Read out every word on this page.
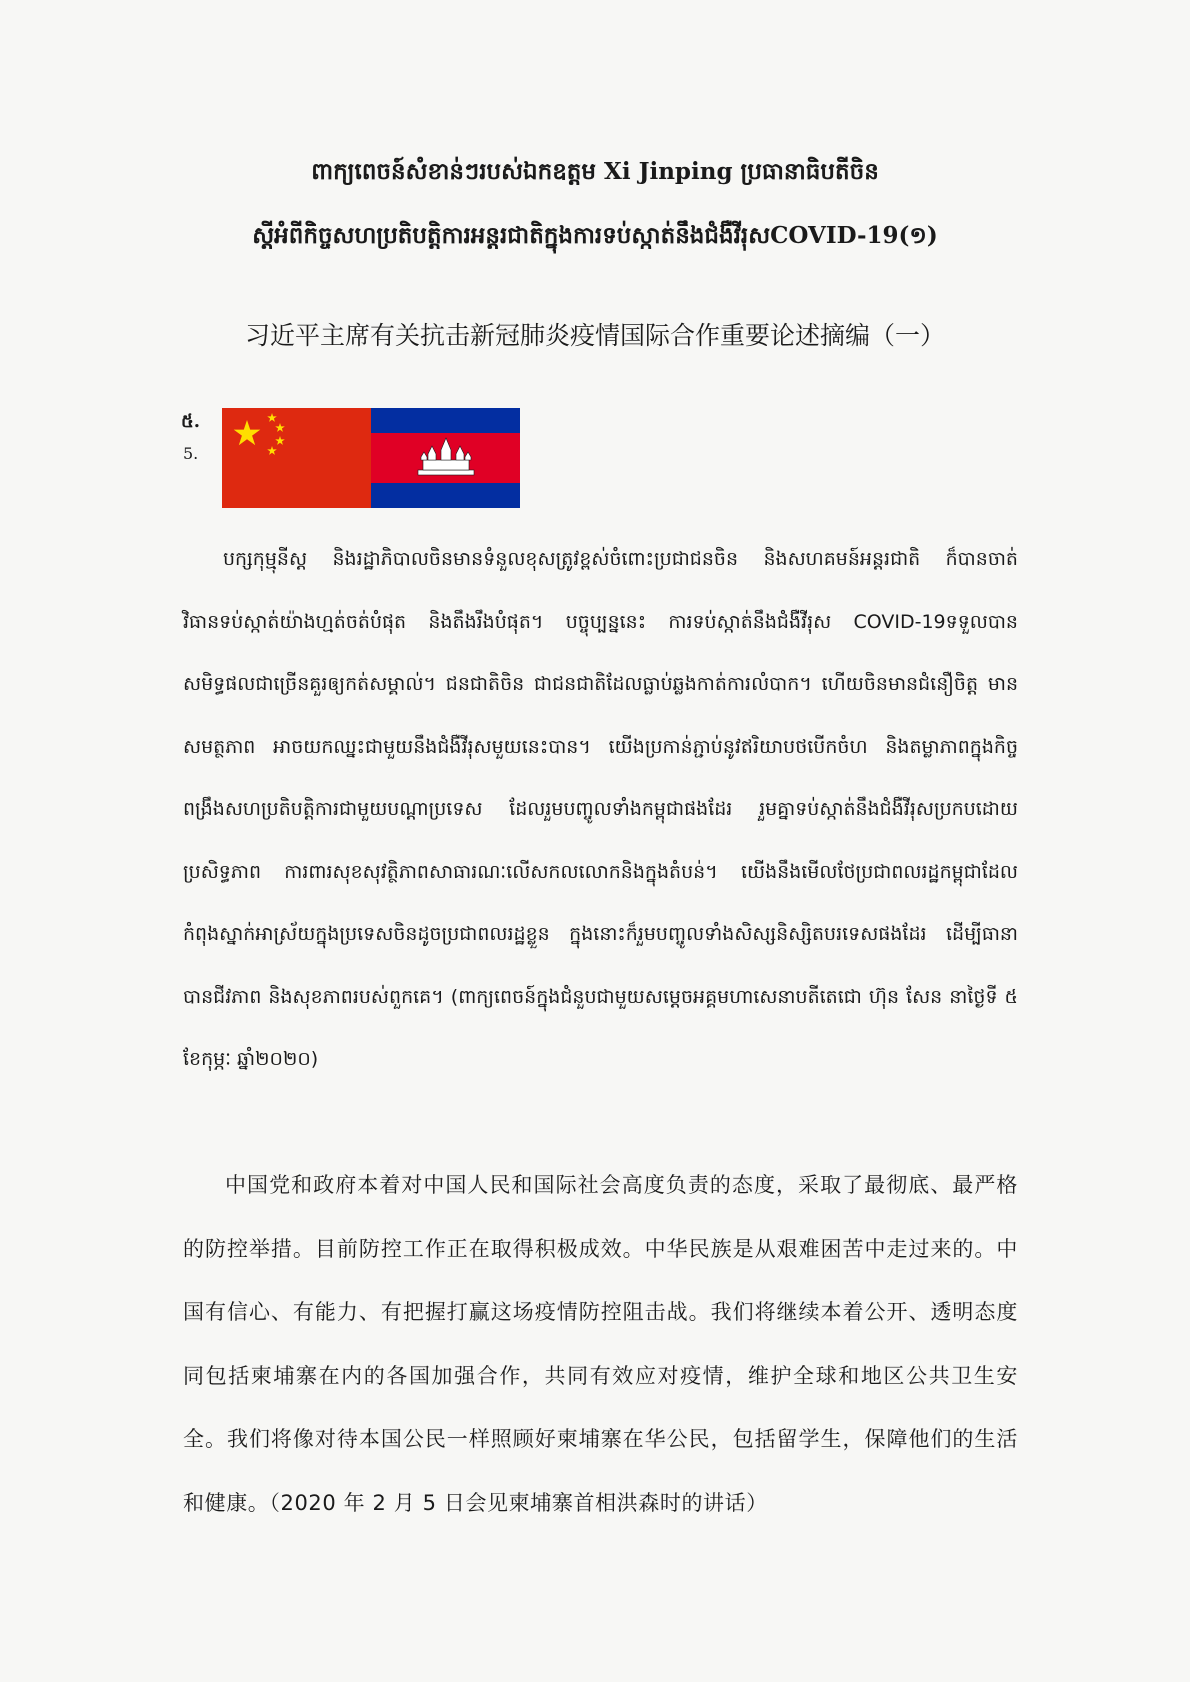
ពាក្យពេចន៍សំខាន់ៗរបស់ឯកឧត្តម Xi Jinping ប្រធានាធិបតីចិន
ស្តីអំពីកិច្ចសហប្រតិបត្តិការអន្តរជាតិក្នុងការទប់ស្កាត់នឹងជំងឺវីរុសCOVID-19(១)
习近平主席有关抗击新冠肺炎疫情国际合作重要论述摘编（一）
៥.
5.

បក្សកុម្មុនីស្ត និងរដ្ឋាភិបាលចិនមានទំនួលខុសត្រូវខ្ពស់ចំពោះប្រជាជនចិន និងសហគមន៍អន្តរជាតិ ក៏បានចាត់វិធានទប់ស្កាត់យ៉ាងហ្មត់ចត់បំផុត និងតឹងរឹងបំផុត។ បច្ចុប្បន្ននេះ ការទប់ស្កាត់នឹងជំងឺវីរុស COVID-19ទទួលបានសមិទ្ធផលជាច្រើនគួរឲ្យកត់សម្គាល់។ ជនជាតិចិន ជាជនជាតិដែលធ្លាប់ឆ្លងកាត់ការលំបាក។ ហើយចិនមានជំនឿចិត្ត មានសមត្ថភាព អាចយកឈ្នះជាមួយនឹងជំងឺវីរុសមួយនេះបាន។ យើងប្រកាន់ភ្ជាប់នូវឥរិយាបថបើកចំហ និងតម្លាភាពក្នុងកិច្ចពង្រឹងសហប្រតិបត្តិការជាមួយបណ្ដាប្រទេស ដែលរួមបញ្ចូលទាំងកម្ពុជាផងដែរ រួមគ្នាទប់ស្កាត់នឹងជំងឺវីរុសប្រកបដោយប្រសិទ្ធភាព ការពារសុខសុវត្ថិភាពសាធារណៈលើសកលលោកនិងក្នុងតំបន់។ យើងនឹងមើលថែប្រជាពលរដ្ឋកម្ពុជាដែលកំពុងស្នាក់អាស្រ័យក្នុងប្រទេសចិនដូចប្រជាពលរដ្ឋខ្លួន ក្នុងនោះក៏រួមបញ្ចូលទាំងសិស្សនិស្សិតបរទេសផងដែរ ដើម្បីធានាបានជីវភាព និងសុខភាពរបស់ពួកគេ។ (ពាក្យពេចន៍ក្នុងជំនួបជាមួយសម្ដេចអគ្គមហាសេនាបតីតេជោ ហ៊ុន សែន នាថ្ងៃទី ៥ ខែកុម្ភៈ ឆ្នាំ២០២០)

中国党和政府本着对中国人民和国际社会高度负责的态度，采取了最彻底、最严格的防控举措。目前防控工作正在取得积极成效。中华民族是从艰难困苦中走过来的。中国有信心、有能力、有把握打赢这场疫情防控阻击战。我们将继续本着公开、透明态度同包括柬埔寨在内的各国加强合作，共同有效应对疫情，维护全球和地区公共卫生安全。我们将像对待本国公民一样照顾好柬埔寨在华公民，包括留学生，保障他们的生活和健康。（2020 年 2 月 5 日会见柬埔寨首相洪森时的讲话）
